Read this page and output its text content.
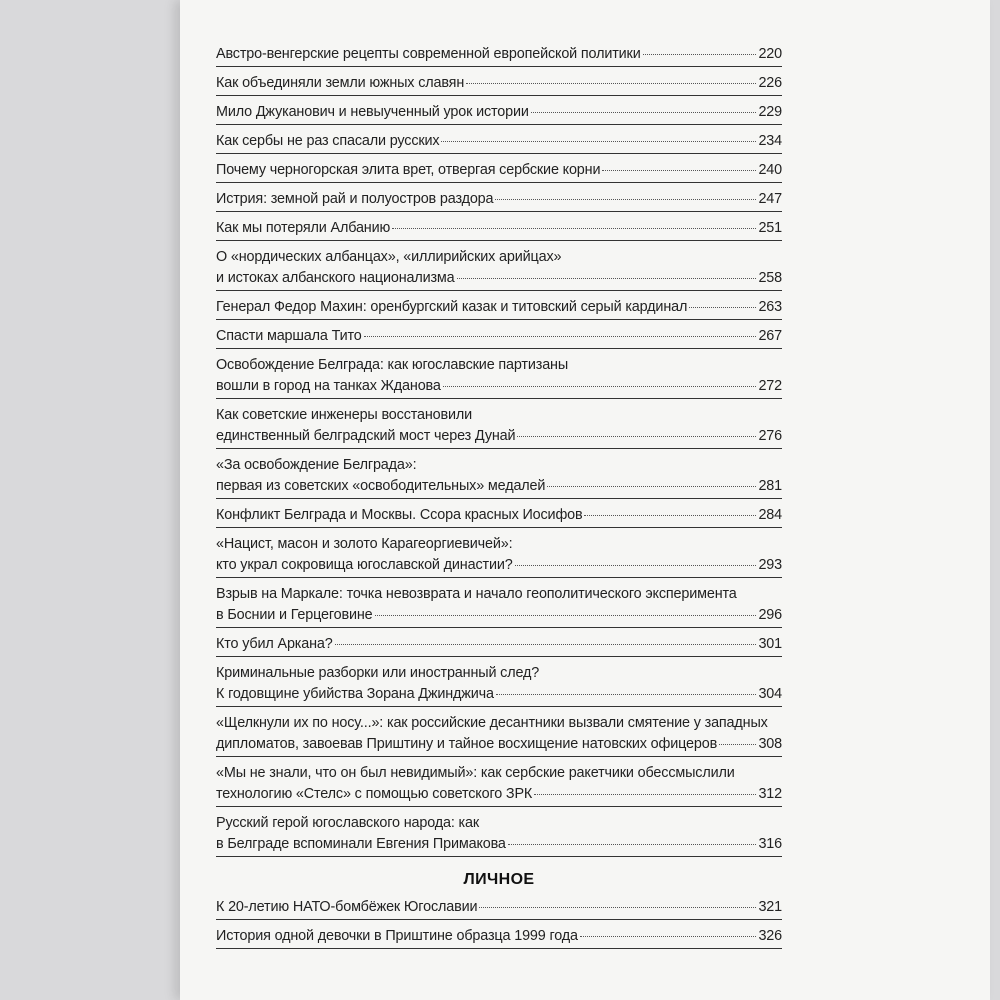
Австро-венгерские рецепты современной европейской политики	220
Как объединяли земли южных славян	226
Мило Джуканович и невыученный урок истории	229
Как сербы не раз спасали русских	234
Почему черногорская элита врет, отвергая сербские корни	240
Истрия: земной рай и полуостров раздора	247
Как мы потеряли Албанию	251
О «нордических албанцах», «иллирийских арийцах»
и истоках албанского национализма	258
Генерал Федор Махин: оренбургский казак и титовский серый кардинал	263
Спасти маршала Тито	267
Освобождение Белграда: как югославские партизаны
вошли в город на танках Жданова	272
Как советские инженеры восстановили
единственный белградский мост через Дунай	276
«За освобождение Белграда»:
первая из советских «освободительных» медалей	281
Конфликт Белграда и Москвы. Ссора красных Иосифов	284
«Нацист, масон и золото Карагеоргиевичей»:
кто украл сокровища югославской династии?	293
Взрыв на Маркале: точка невозврата и начало геополитического эксперимента
в Боснии и Герцеговине	296
Кто убил Аркана?	301
Криминальные разборки или иностранный след?
К годовщине убийства Зорана Джинджича	304
«Щелкнули их по носу...»: как российские десантники вызвали смятение у западных
дипломатов, завоевав Приштину и тайное восхищение натовских офицеров	308
«Мы не знали, что он был невидимый»: как сербские ракетчики обессмыслили
технологию «Стелс» с помощью советского ЗРК	312
Русский герой югославского народа: как
в Белграде вспоминали Евгения Примакова	316
ЛИЧНОЕ
К 20-летию НАТО-бомбёжек Югославии	321
История одной девочки в Приштине образца 1999 года	326
